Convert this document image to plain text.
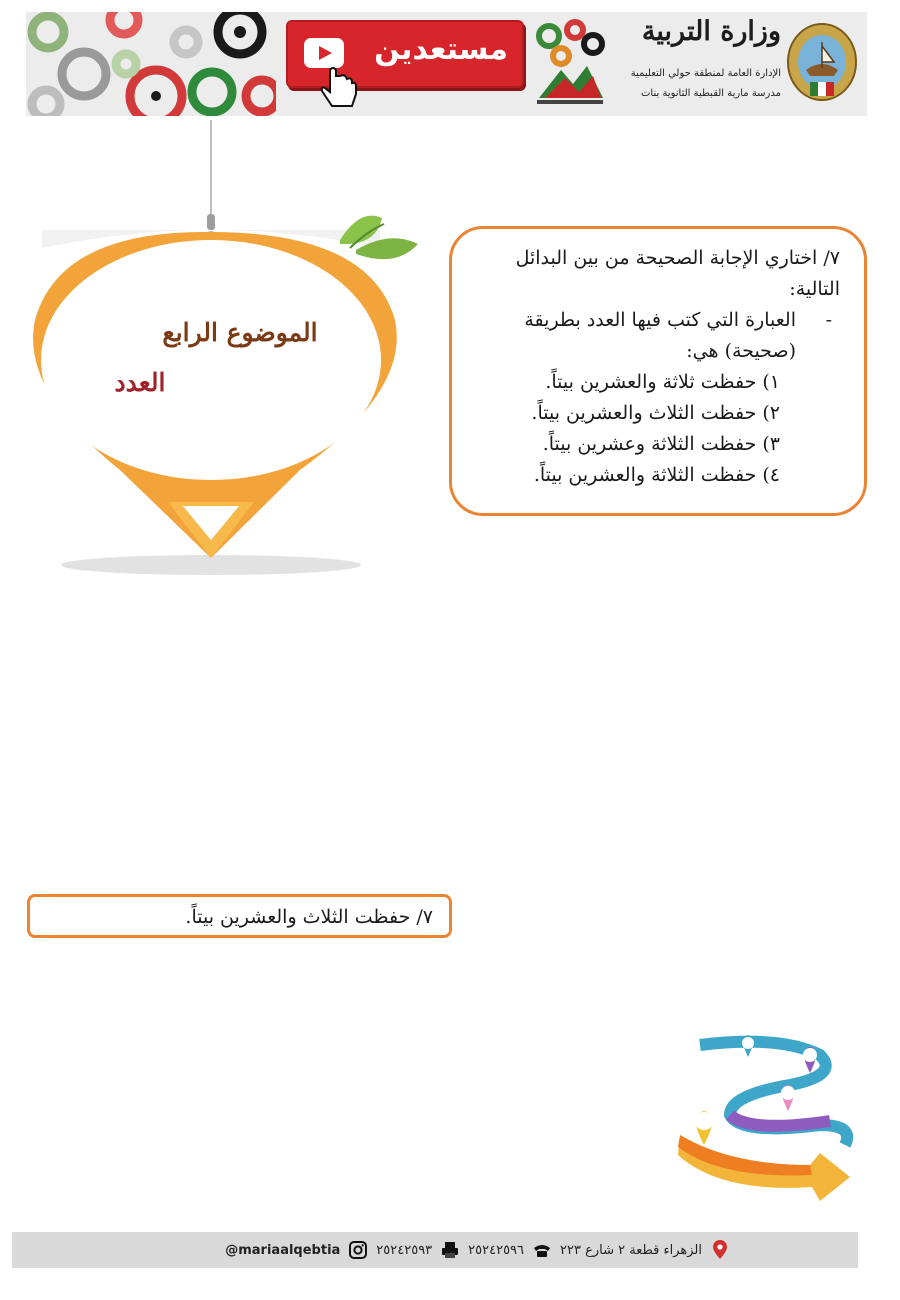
مستعدين
وزارة التربية
الإدارة العامة لمنطقة حولي التعليمية
مدرسة مارية القبطية الثانوية بنات
الموضوع الرابع
العدد

٧/ اختاري الإجابة الصحيحة من بين البدائل التالية:

-
العبارة التي كتب فيها العدد بطريقة (صحيحة) هي:

١) حفظت ثلاثة والعشرين بيتاً.
٢) حفظت الثلاث والعشرين بيتاً.
٣) حفظت الثلاثة وعشرين بيتاً.
٤) حفظت الثلاثة والعشرين بيتاً.
٧/ حفظت الثلاث والعشرين بيتاً.
الزهراء قطعة ٢ شارع ٢٢٣
٢٥٢٤٢٥٩٦
٢٥٢٤٢٥٩٣
@mariaalqebtia
